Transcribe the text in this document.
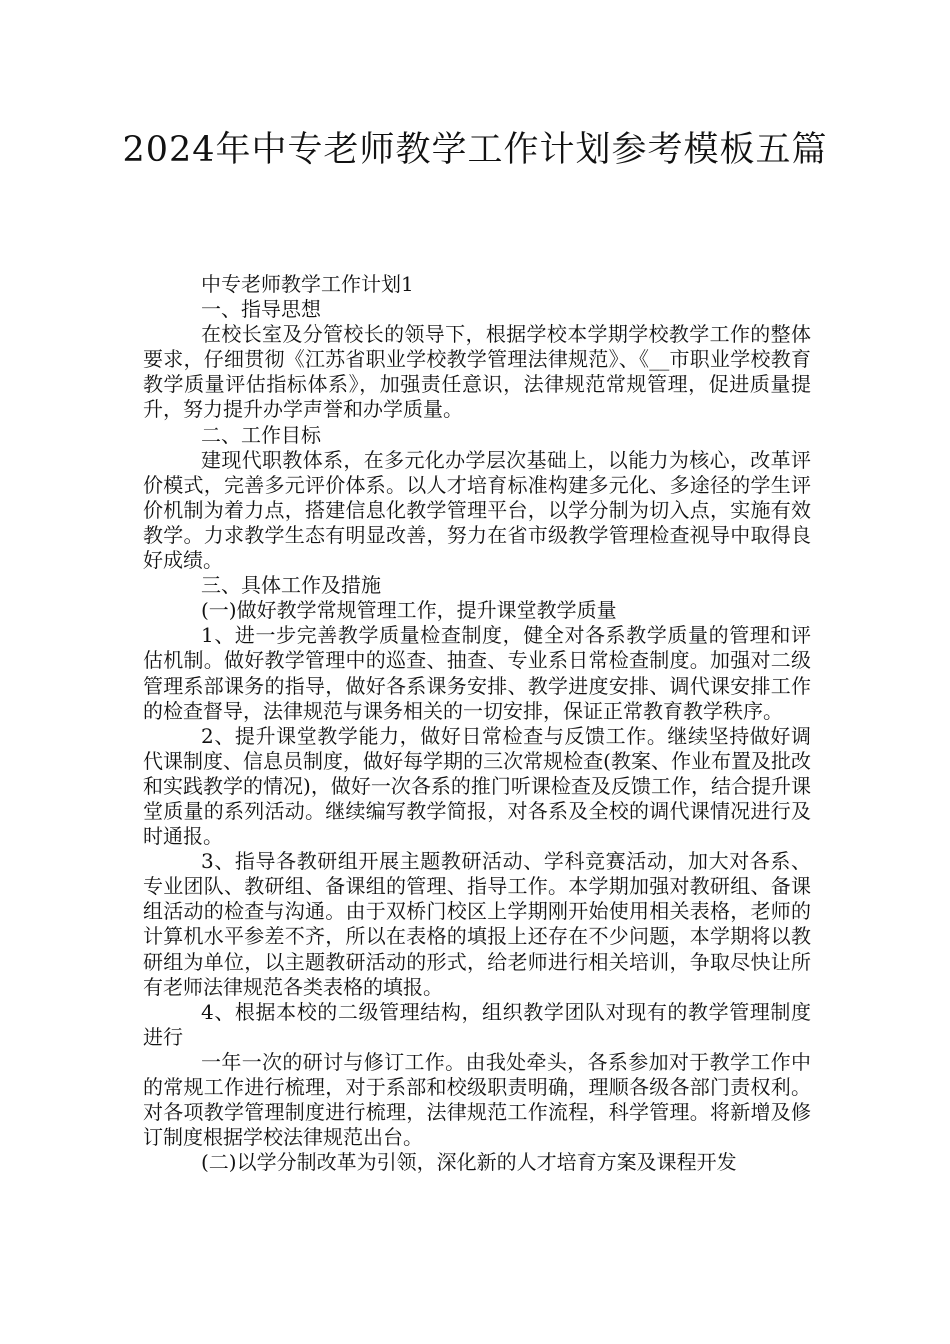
2024年中专老师教学工作计划参考模板五篇

中专老师教学工作计划1

一、指导思想

在校长室及分管校长的领导下，根据学校本学期学校教学工作的整体要求，仔细贯彻《江苏省职业学校教学管理法律规范》、《__市职业学校教育教学质量评估指标体系》，加强责任意识，法律规范常规管理，促进质量提升，努力提升办学声誉和办学质量。

二、工作目标

建现代职教体系，在多元化办学层次基础上，以能力为核心，改革评价模式，完善多元评价体系。以人才培育标准构建多元化、多途径的学生评价机制为着力点，搭建信息化教学管理平台，以学分制为切入点，实施有效教学。力求教学生态有明显改善，努力在省市级教学管理检查视导中取得良好成绩。

三、具体工作及措施

(一)做好教学常规管理工作，提升课堂教学质量

1、进一步完善教学质量检查制度，健全对各系教学质量的管理和评估机制。做好教学管理中的巡查、抽查、专业系日常检查制度。加强对二级管理系部课务的指导，做好各系课务安排、教学进度安排、调代课安排工作的检查督导，法律规范与课务相关的一切安排，保证正常教育教学秩序。

2、提升课堂教学能力，做好日常检查与反馈工作。继续坚持做好调代课制度、信息员制度，做好每学期的三次常规检查(教案、作业布置及批改和实践教学的情况)，做好一次各系的推门听课检查及反馈工作，结合提升课堂质量的系列活动。继续编写教学简报，对各系及全校的调代课情况进行及时通报。

3、指导各教研组开展主题教研活动、学科竞赛活动，加大对各系、专业团队、教研组、备课组的管理、指导工作。本学期加强对教研组、备课组活动的检查与沟通。由于双桥门校区上学期刚开始使用相关表格，老师的计算机水平参差不齐，所以在表格的填报上还存在不少问题，本学期将以教研组为单位，以主题教研活动的形式，给老师进行相关培训，争取尽快让所有老师法律规范各类表格的填报。

4、根据本校的二级管理结构，组织教学团队对现有的教学管理制度进行

一年一次的研讨与修订工作。由我处牵头，各系参加对于教学工作中的常规工作进行梳理，对于系部和校级职责明确，理顺各级各部门责权利。对各项教学管理制度进行梳理，法律规范工作流程，科学管理。将新增及修订制度根据学校法律规范出台。

(二)以学分制改革为引领，深化新的人才培育方案及课程开发
